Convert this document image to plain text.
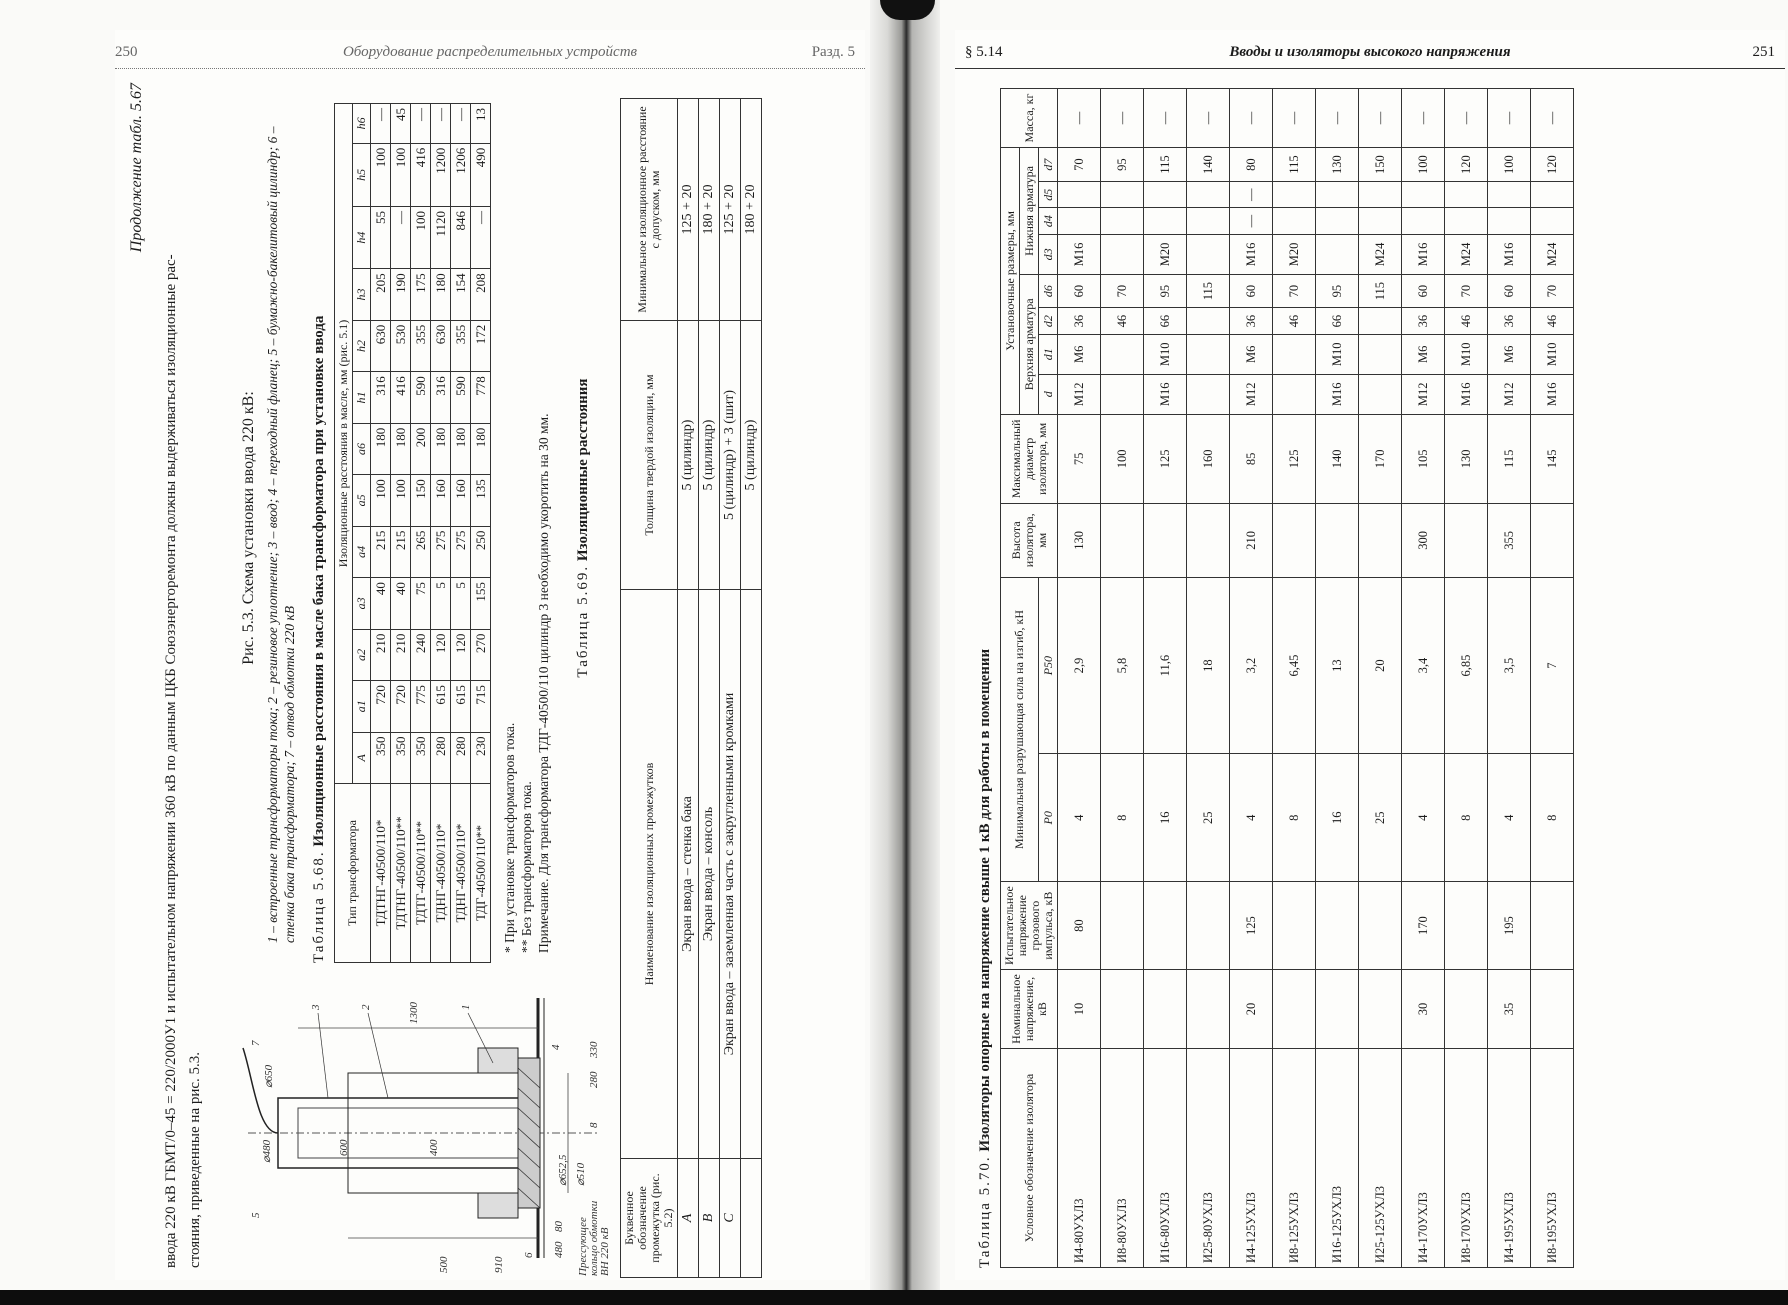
250	Оборудование распределительных устройств	Разд. 5
Продолжение табл. 5.67

ввода 220 кВ ГБМТ/0–45 = 220/2000У1 и испытательном напряжении 360 кВ по данным ЦКБ Союзэнергоремонта должны выдерживаться изоляционные рас- стояния, приведенные на рис. 5.3.

1
2
3
4
5
6
7
8
⌀480
⌀650
600	400
1300
330
280
500
480
80
⌀652,5 ⌀510
910	Прессующее кольцо обмотки ВН 220 кВ

Рис. 5.3. Схема установки ввода 220 кВ: 1 – встроенные трансформаторы тока; 2 – резиновое уплотнение; 3 – ввод; 4 – переходный фланец; 5 – бумажно-бакелитовый цилиндр; 6 – стенка бака трансформатора; 7 – отвод обмотки 220 кВ Таблица 5.68. Изоляционные расстояния в масле бака трансформатора при установке ввода

Тип трансформатора	Изоляционные расстояния в масле, мм (рис. 5.1)												
	A	a1	a2	a3	a4	a5	a6	h1	h2	h3	h4	h5	h6
ТДТНГ-40500/110*	350	720	210	40	215	100	180	316	630	205	55	100	—
ТДТНГ-40500/110**	350	720	210	40	215	100	180	416	530	190	—	100	45
ТДТГ-40500/110**	350	775	240	75	265	150	200	590	355	175	100	416	—
ТДНГ-40500/110*	280	615	120	5	275	160	180	316	630	180	1120	1200	—
ТДНГ-40500/110*	280	615	120	5	275	160	180	590	355	154	846	1206	—
ТДГ-40500/110**	230	715	270	155	250	135	180	778	172	208	—	490	13

* При установке трансформаторов тока. ** Без трансформаторов тока. Примечание. Для трансформатора ТДГ-40500/110 цилиндр 3 необходимо укоротить на 30 мм. Таблица 5.69. Изоляционные расстояния

Буквенное обозначение промежутка (рис. 5.2)	Наименование изоляционных промежутков	Толщина твердой изоляции, мм	Минимальное изоляционное расстояние с допуском, мм
A	Экран ввода – стенка бака	5 (цилиндр)	125 + 20
B	Экран ввода – консоль	5 (цилиндр)	180 + 20
C	Экран ввода – заземленная часть с закругленными кромками	5 (цилиндр) + 3 (шит)	125 + 20
		5 (цилиндр)	180 + 20
§ 5.14	Вводы и изоляторы высокого напряжения	251

Таблица 5.70. Изоляторы опорные на напряжение свыше 1 кВ для работы в помещении

Условное обозначение изолятора	Номинальное напряжение, кВ	Испытательное напряжение грозового импульса, кВ	Минимальная разрушающая сила на изгиб, кН		Высота изолятора, мм	Максимальный диаметр изолятора, мм	Установочные размеры, мм								Масса, кг
							Верхняя арматура				Нижняя арматура				
			P0	P50			d	d1	d2	d6	d3	d4	d5	d7	
И4-80УХЛ3	10	80	4	2,9	130	75	M12	M6	36	60	M16			70	—
И8-80УХЛ3			8	5,8		100			46	70				95	—
И16-80УХЛ3			16	11,6		125	M16	M10	66	95	M20			115	—
И25-80УХЛ3			25	18		160				115				140	—
И4-125УХЛ3	20	125	4	3,2	210	85	M12	M6	36	60	M16	—	—	80	—
И8-125УХЛ3			8	6,45		125			46	70	M20			115	—
И16-125УХЛ3			16	13		140	M16	M10	66	95				130	—
И25-125УХЛ3			25	20		170				115	M24			150	—
И4-170УХЛ3	30	170	4	3,4	300	105	M12	M6	36	60	M16			100	—
И8-170УХЛ3			8	6,85		130	M16	M10	46	70	M24			120	—
И4-195УХЛ3	35	195	4	3,5	355	115	M12	M6	36	60	M16			100	—
И8-195УХЛ3			8	7		145	M16	M10	46	70	M24			120	—
